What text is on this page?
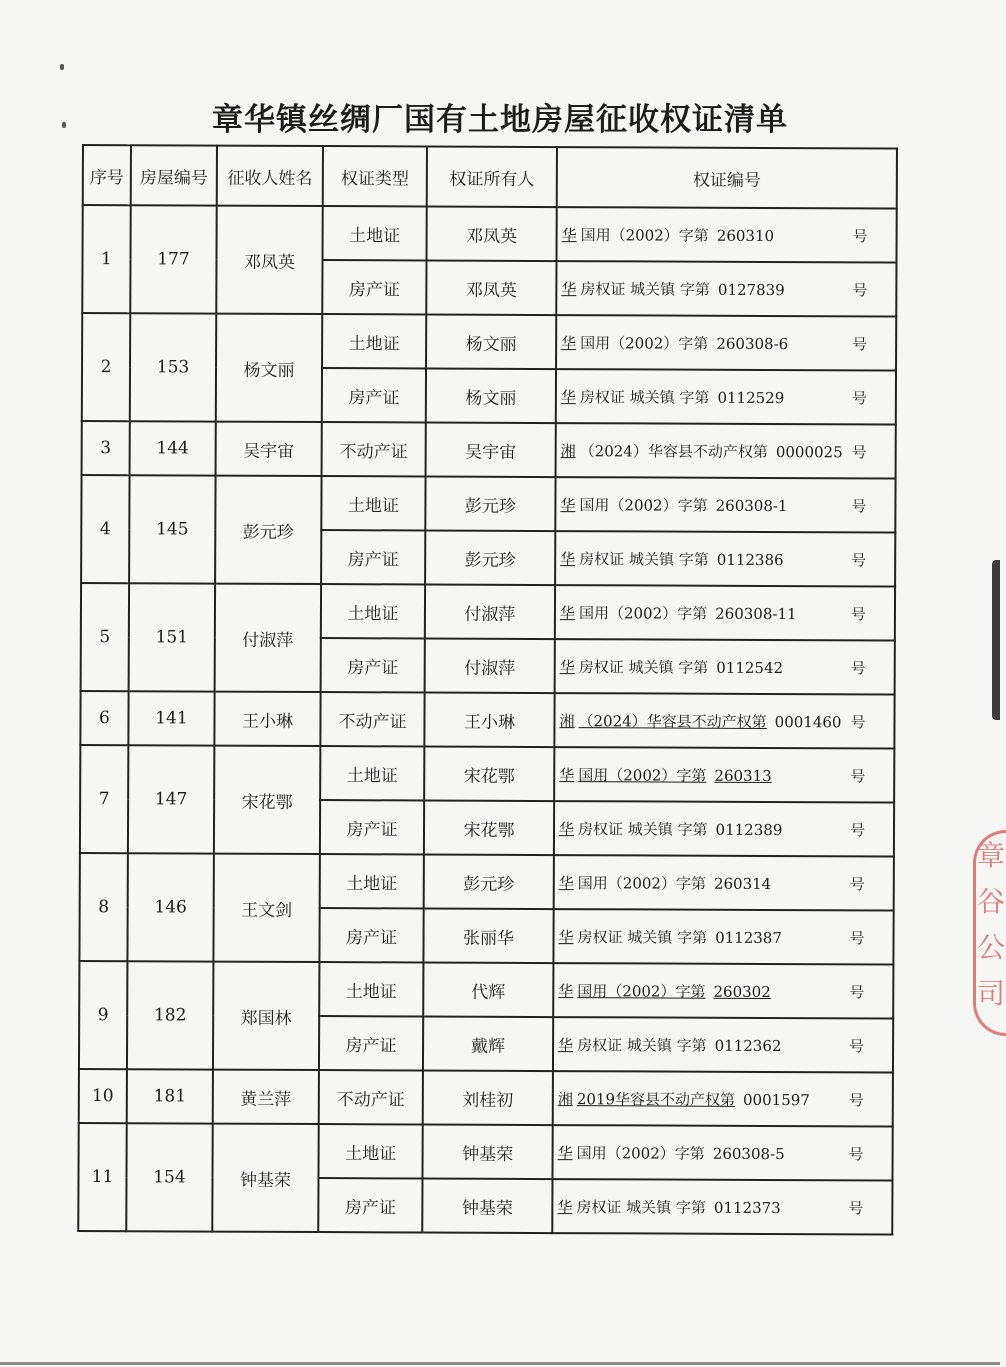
章
谷
公
司
章华镇丝绸厂国有土地房屋征收权证清单
序号	房屋编号	征收人姓名	权证类型	权证所有人	权证编号
1	177	邓凤英	土地证	邓凤英	华 国用（2002）字第 260310 号

			房产证	邓凤英	华 房权证 城关镇 字第 0127839 号

2	153	杨文丽	土地证	杨文丽	华 国用（2002）字第 260308-6 号

			房产证	杨文丽	华 房权证 城关镇 字第 0112529 号

3	144	吴宇宙	不动产证	吴宇宙	湘 （2024）华容县不动产权第 0000025 号

4	145	彭元珍	土地证	彭元珍	华 国用（2002）字第 260308-1 号

			房产证	彭元珍	华 房权证 城关镇 字第 0112386 号

5	151	付淑萍	土地证	付淑萍	华 国用（2002）字第 260308-11 号

			房产证	付淑萍	华 房权证 城关镇 字第 0112542 号

6	141	王小琳	不动产证	王小琳	湘 （2024）华容县不动产权第 0001460 号

7	147	宋花鄂	土地证	宋花鄂	华 国用（2002）字第 260313 号

			房产证	宋花鄂	华 房权证 城关镇 字第 0112389 号

8	146	王文剑	土地证	彭元珍	华 国用（2002）字第 260314 号

			房产证	张丽华	华 房权证 城关镇 字第 0112387 号

9	182	郑国林	土地证	代辉	华 国用（2002）字第 260302 号

			房产证	戴辉	华 房权证 城关镇 字第 0112362 号

10	181	黄兰萍	不动产证	刘桂初	湘 2019华容县不动产权第 0001597 号

11	154	钟基荣	土地证	钟基荣	华 国用（2002）字第 260308-5 号

			房产证	钟基荣	华 房权证 城关镇 字第 0112373 号
